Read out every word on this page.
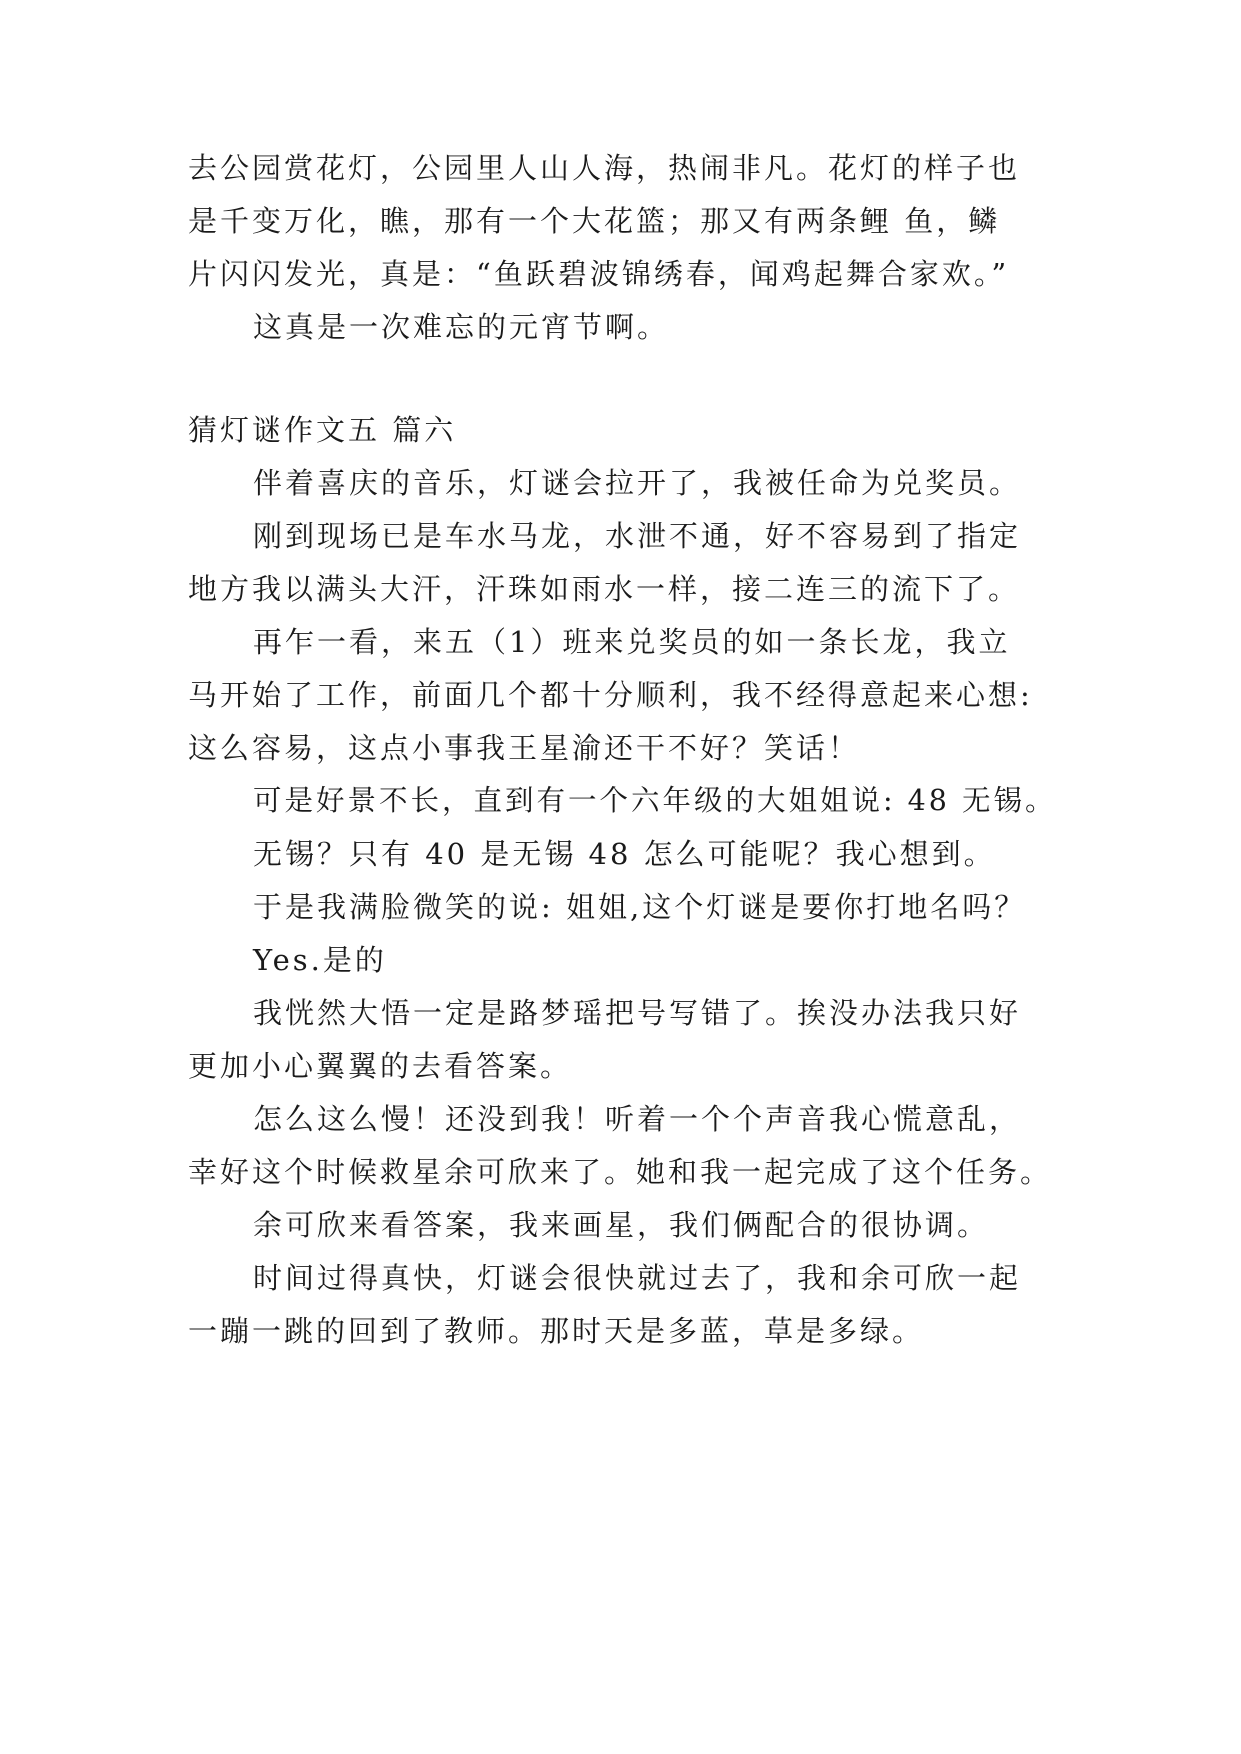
去公园赏花灯，公园里人山人海，热闹非凡。花灯的样子也
是千变万化，瞧，那有一个大花篮；那又有两条鲤 鱼，鳞
片闪闪发光，真是：“鱼跃碧波锦绣春，闻鸡起舞合家欢。”
这真是一次难忘的元宵节啊。
猜灯谜作文五 篇六
伴着喜庆的音乐，灯谜会拉开了，我被任命为兑奖员。
刚到现场已是车水马龙，水泄不通，好不容易到了指定
地方我以满头大汗，汗珠如雨水一样，接二连三的流下了。
再乍一看，来五（1）班来兑奖员的如一条长龙，我立
马开始了工作，前面几个都十分顺利，我不经得意起来心想:
这么容易，这点小事我王星渝还干不好？笑话！
可是好景不长，直到有一个六年级的大姐姐说: 48 无锡。
无锡？只有 40 是无锡 48 怎么可能呢？我心想到。
于是我满脸微笑的说: 姐姐,这个灯谜是要你打地名吗？
Yes.是的
我恍然大悟一定是路梦瑶把号写错了。挨没办法我只好
更加小心翼翼的去看答案。
怎么这么慢！还没到我！听着一个个声音我心慌意乱，
幸好这个时候救星余可欣来了。她和我一起完成了这个任务。
余可欣来看答案，我来画星，我们俩配合的很协调。
时间过得真快，灯谜会很快就过去了，我和余可欣一起
一蹦一跳的回到了教师。那时天是多蓝，草是多绿。
